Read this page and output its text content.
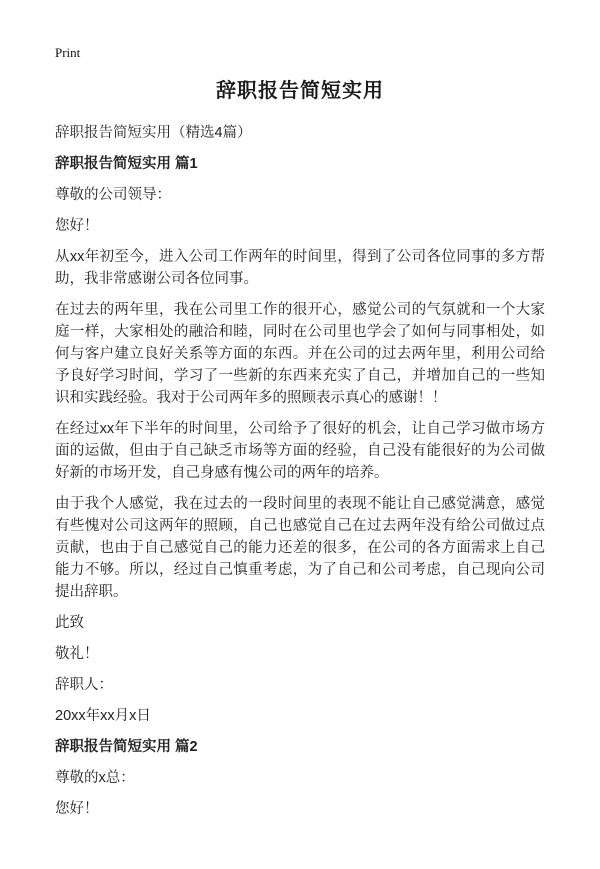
Print
辞职报告简短实用

辞职报告简短实用（精选4篇）

辞职报告简短实用 篇1

尊敬的公司领导：

您好！

从xx年初至今，进入公司工作两年的时间里，得到了公司各位同事的多方帮助，我非常感谢公司各位同事。

在过去的两年里，我在公司里工作的很开心，感觉公司的气氛就和一个大家庭一样，大家相处的融洽和睦，同时在公司里也学会了如何与同事相处，如何与客户建立良好关系等方面的东西。并在公司的过去两年里，利用公司给予良好学习时间，学习了一些新的东西来充实了自己，并增加自己的一些知识和实践经验。我对于公司两年多的照顾表示真心的感谢！！

在经过xx年下半年的时间里，公司给予了很好的机会，让自己学习做市场方面的运做，但由于自己缺乏市场等方面的经验，自己没有能很好的为公司做好新的市场开发，自己身感有愧公司的两年的培养。

由于我个人感觉，我在过去的一段时间里的表现不能让自己感觉满意，感觉有些愧对公司这两年的照顾，自己也感觉自己在过去两年没有给公司做过点贡献，也由于自己感觉自己的能力还差的很多，在公司的各方面需求上自己能力不够。所以，经过自己慎重考虑，为了自己和公司考虑，自己现向公司提出辞职。

此致

敬礼！

辞职人：

20xx年xx月x日

辞职报告简短实用 篇2

尊敬的x总：

您好！
